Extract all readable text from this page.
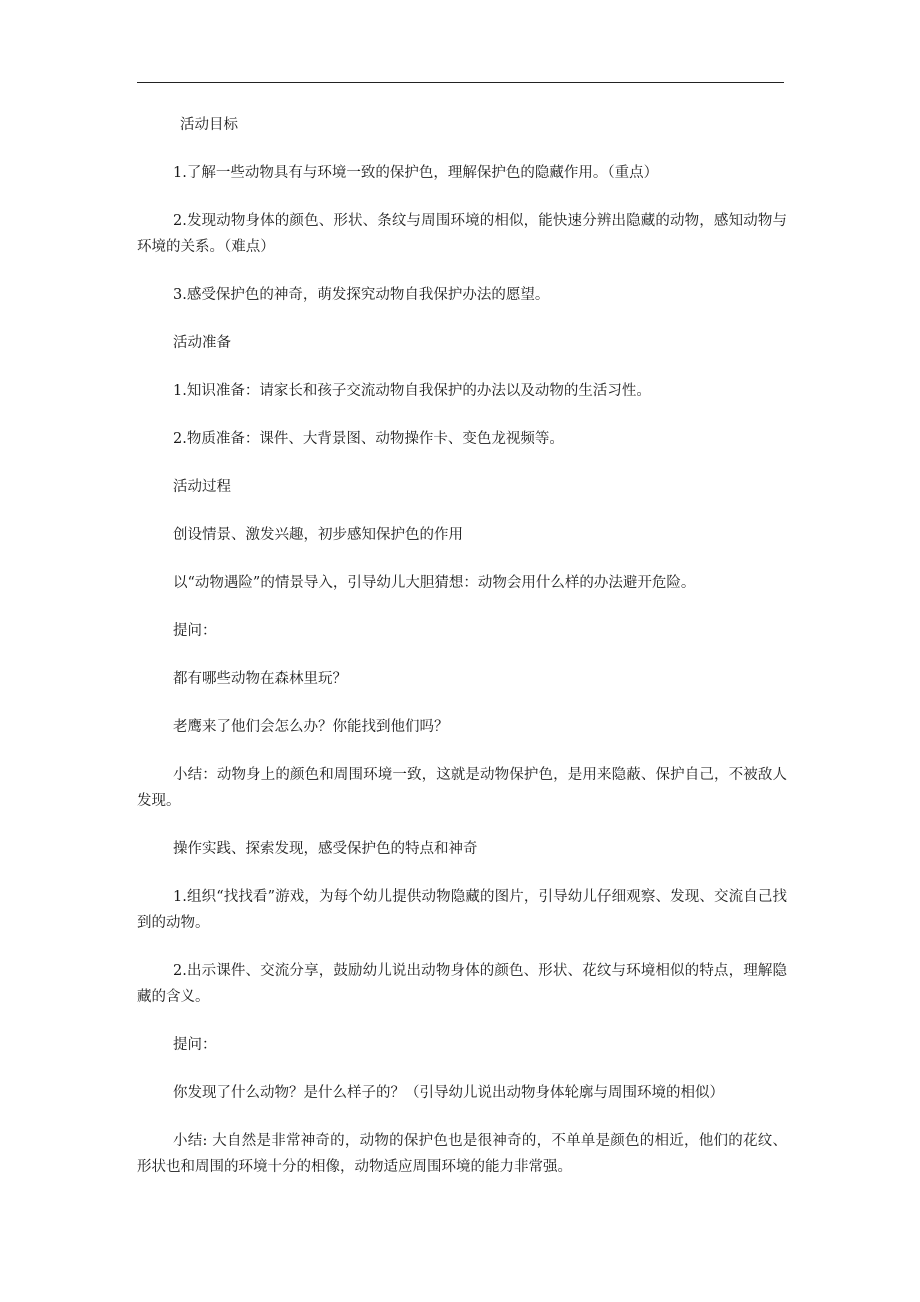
活动目标

1.了解一些动物具有与环境一致的保护色，理解保护色的隐藏作用。（重点）

2.发现动物身体的颜色、形状、条纹与周围环境的相似，能快速分辨出隐藏的动物，感知动物与环境的关系。（难点）

3.感受保护色的神奇，萌发探究动物自我保护办法的愿望。

活动准备

1.知识准备：请家长和孩子交流动物自我保护的办法以及动物的生活习性。

2.物质准备：课件、大背景图、动物操作卡、变色龙视频等。

活动过程

创设情景、激发兴趣，初步感知保护色的作用

以“动物遇险”的情景导入，引导幼儿大胆猜想：动物会用什么样的办法避开危险。

提问：

都有哪些动物在森林里玩？

老鹰来了他们会怎么办？你能找到他们吗？

小结：动物身上的颜色和周围环境一致，这就是动物保护色，是用来隐蔽、保护自己，不被敌人发现。

操作实践、探索发现，感受保护色的特点和神奇

1.组织“找找看”游戏，为每个幼儿提供动物隐藏的图片，引导幼儿仔细观察、发现、交流自己找到的动物。

2.出示课件、交流分享，鼓励幼儿说出动物身体的颜色、形状、花纹与环境相似的特点，理解隐藏的含义。

提问：

你发现了什么动物？是什么样子的？（引导幼儿说出动物身体轮廓与周围环境的相似）

小结: 大自然是非常神奇的，动物的保护色也是很神奇的，不单单是颜色的相近，他们的花纹、形状也和周围的环境十分的相像，动物适应周围环境的能力非常强。
